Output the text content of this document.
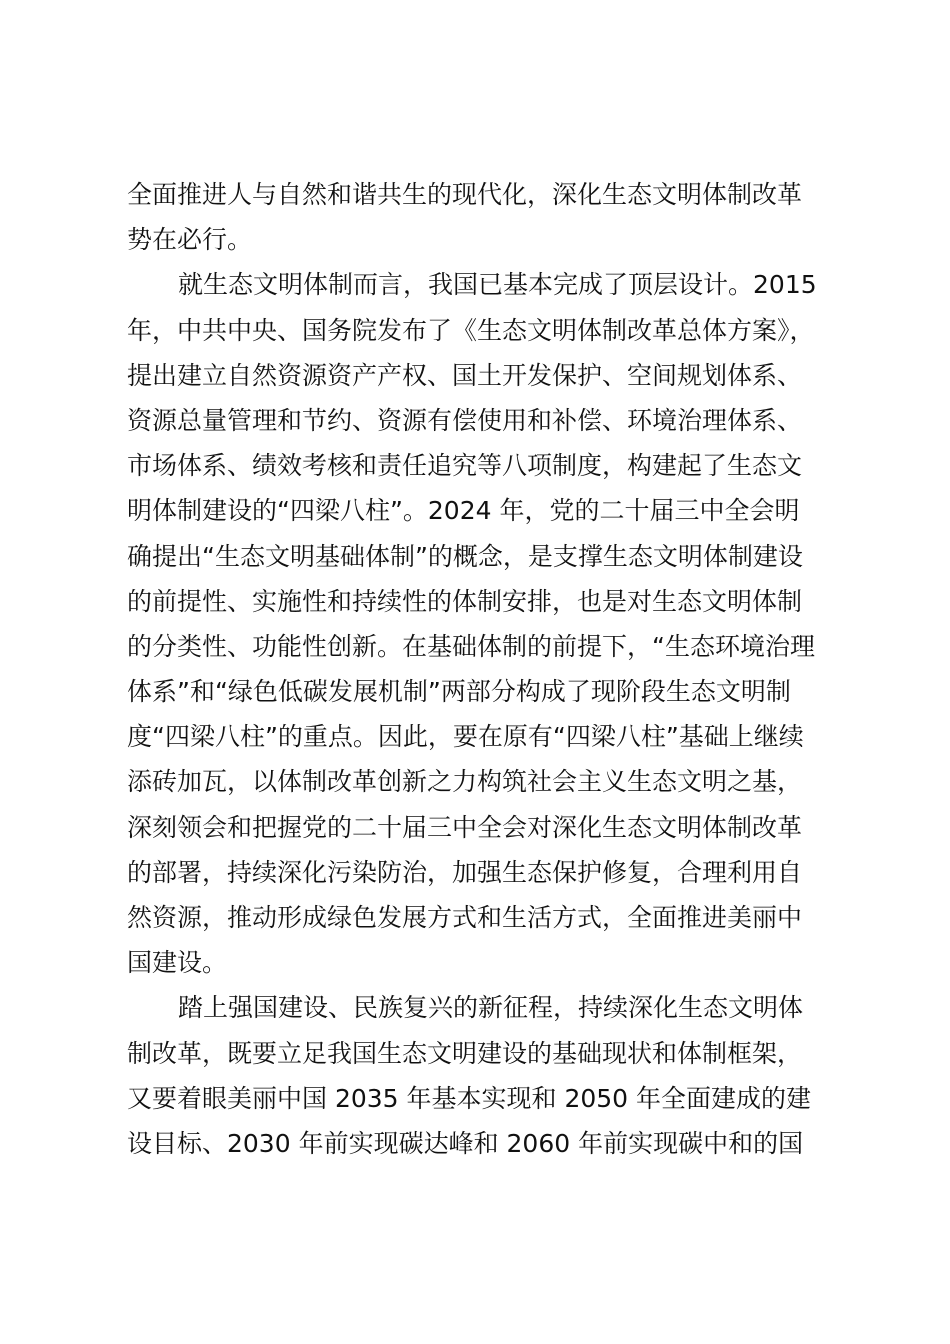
全面推进人与自然和谐共生的现代化，深化生态文明体制改革
势在必行。
就生态文明体制而言，我国已基本完成了顶层设计。2015
年，中共中央、国务院发布了《生态文明体制改革总体方案》，
提出建立自然资源资产产权、国土开发保护、空间规划体系、
资源总量管理和节约、资源有偿使用和补偿、环境治理体系、
市场体系、绩效考核和责任追究等八项制度，构建起了生态文
明体制建设的“四梁八柱”。2024 年，党的二十届三中全会明
确提出“生态文明基础体制”的概念，是支撑生态文明体制建设
的前提性、实施性和持续性的体制安排，也是对生态文明体制
的分类性、功能性创新。在基础体制的前提下，“生态环境治理
体系”和“绿色低碳发展机制”两部分构成了现阶段生态文明制
度“四梁八柱”的重点。因此，要在原有“四梁八柱”基础上继续
添砖加瓦，以体制改革创新之力构筑社会主义生态文明之基，
深刻领会和把握党的二十届三中全会对深化生态文明体制改革
的部署，持续深化污染防治，加强生态保护修复，合理利用自
然资源，推动形成绿色发展方式和生活方式，全面推进美丽中
国建设。
踏上强国建设、民族复兴的新征程，持续深化生态文明体
制改革，既要立足我国生态文明建设的基础现状和体制框架，
又要着眼美丽中国 2035 年基本实现和 2050 年全面建成的建
设目标、2030 年前实现碳达峰和 2060 年前实现碳中和的国
